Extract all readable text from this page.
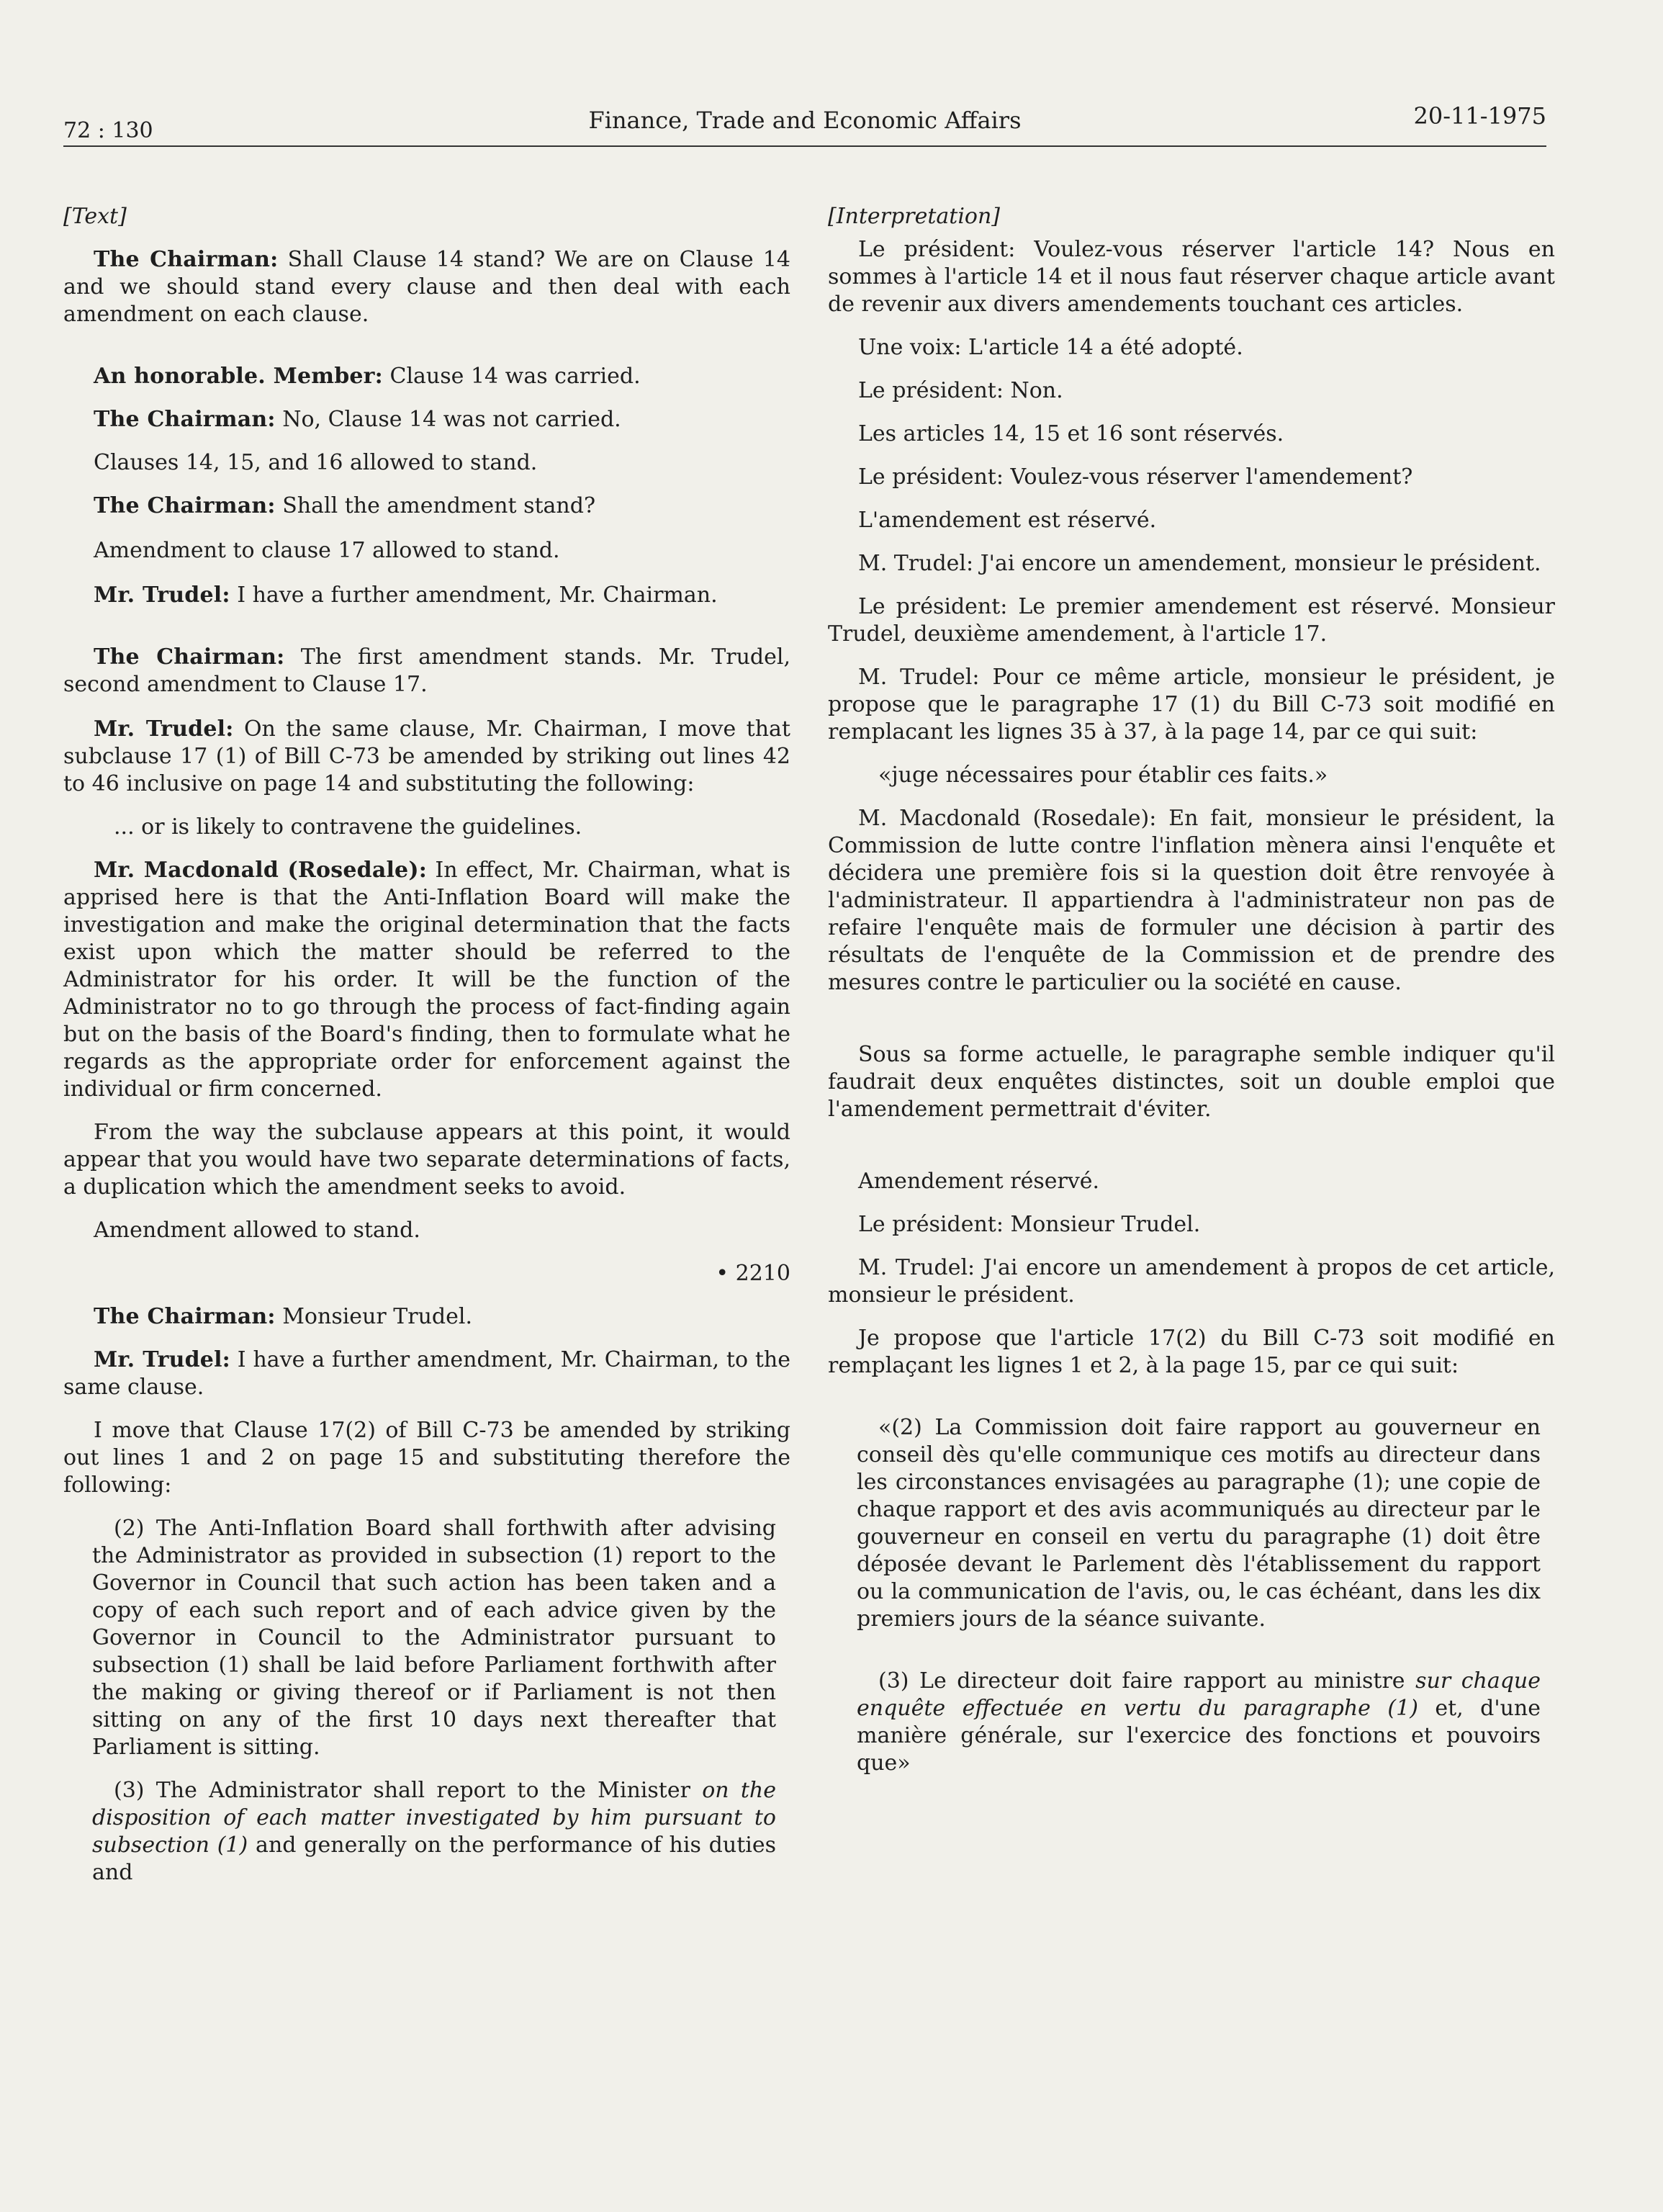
72 : 130	Finance, Trade and Economic Affairs	20-11-1975

[Text]

The Chairman: Shall Clause 14 stand? We are on Clause 14 and we should stand every clause and then deal with each amendment on each clause.

An honorable. Member: Clause 14 was carried.

The Chairman: No, Clause 14 was not carried.

Clauses 14, 15, and 16 allowed to stand.

The Chairman: Shall the amendment stand?

Amendment to clause 17 allowed to stand.

Mr. Trudel: I have a further amendment, Mr. Chairman.

The Chairman: The first amendment stands. Mr. Trudel, second amendment to Clause 17.

Mr. Trudel: On the same clause, Mr. Chairman, I move that subclause 17 (1) of Bill C-73 be amended by striking out lines 42 to 46 inclusive on page 14 and substituting the following:

... or is likely to contravene the guidelines.

Mr. Macdonald (Rosedale): In effect, Mr. Chairman, what is apprised here is that the Anti-Inflation Board will make the investigation and make the original determination that the facts exist upon which the matter should be referred to the Administrator for his order. It will be the function of the Administrator no to go through the process of fact-finding again but on the basis of the Board's finding, then to formulate what he regards as the appropriate order for enforcement against the individual or firm concerned.

From the way the subclause appears at this point, it would appear that you would have two separate determinations of facts, a duplication which the amendment seeks to avoid.

Amendment allowed to stand.

• 2210

The Chairman: Monsieur Trudel.

Mr. Trudel: I have a further amendment, Mr. Chairman, to the same clause.

I move that Clause 17(2) of Bill C-73 be amended by striking out lines 1 and 2 on page 15 and substituting therefore the following:

(2) The Anti-Inflation Board shall forthwith after advising the Administrator as provided in subsection (1) report to the Governor in Council that such action has been taken and a copy of each such report and of each advice given by the Governor in Council to the Administrator pursuant to subsection (1) shall be laid before Parliament forthwith after the making or giving thereof or if Parliament is not then sitting on any of the first 10 days next thereafter that Parliament is sitting.

(3) The Administrator shall report to the Minister on the disposition of each matter investigated by him pursuant to subsection (1) and generally on the performance of his duties and

[Interpretation]

Le président: Voulez-vous réserver l'article 14? Nous en sommes à l'article 14 et il nous faut réserver chaque article avant de revenir aux divers amendements touchant ces articles.

Une voix: L'article 14 a été adopté.

Le président: Non.

Les articles 14, 15 et 16 sont réservés.

Le président: Voulez-vous réserver l'amendement?

L'amendement est réservé.

M. Trudel: J'ai encore un amendement, monsieur le président.

Le président: Le premier amendement est réservé. Monsieur Trudel, deuxième amendement, à l'article 17.

M. Trudel: Pour ce même article, monsieur le président, je propose que le paragraphe 17 (1) du Bill C-73 soit modifié en remplacant les lignes 35 à 37, à la page 14, par ce qui suit:

«juge nécessaires pour établir ces faits.»

M. Macdonald (Rosedale): En fait, monsieur le président, la Commission de lutte contre l'inflation mènera ainsi l'enquête et décidera une première fois si la question doit être renvoyée à l'administrateur. Il appartiendra à l'administrateur non pas de refaire l'enquête mais de formuler une décision à partir des résultats de l'enquête de la Commission et de prendre des mesures contre le particulier ou la société en cause.

Sous sa forme actuelle, le paragraphe semble indiquer qu'il faudrait deux enquêtes distinctes, soit un double emploi que l'amendement permettrait d'éviter.

Amendement réservé.

Le président: Monsieur Trudel.

M. Trudel: J'ai encore un amendement à propos de cet article, monsieur le président.

Je propose que l'article 17(2) du Bill C-73 soit modifié en remplaçant les lignes 1 et 2, à la page 15, par ce qui suit:

«(2) La Commission doit faire rapport au gouverneur en conseil dès qu'elle communique ces motifs au directeur dans les circonstances envisagées au paragraphe (1); une copie de chaque rapport et des avis acommuniqués au directeur par le gouverneur en conseil en vertu du paragraphe (1) doit être déposée devant le Parlement dès l'établissement du rapport ou la communication de l'avis, ou, le cas échéant, dans les dix premiers jours de la séance suivante.

(3) Le directeur doit faire rapport au ministre sur chaque enquête effectuée en vertu du paragraphe (1) et, d'une manière générale, sur l'exercice des fonctions et pouvoirs que»
